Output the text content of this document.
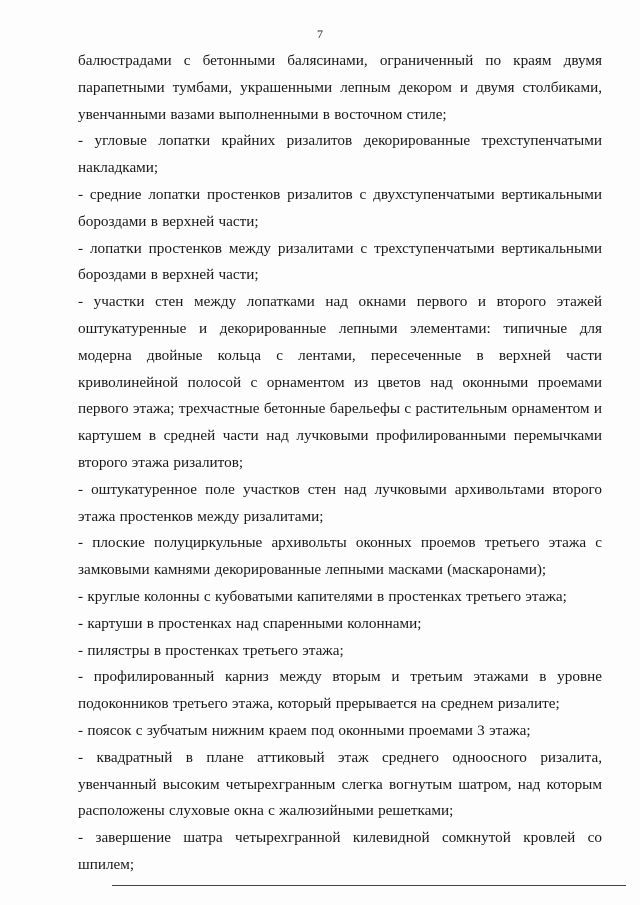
7

балюстрадами с бетонными балясинами, ограниченный по краям двумя парапетными тумбами, украшенными лепным декором и двумя столбиками, увенчанными вазами выполненными в восточном стиле;

- угловые лопатки крайних ризалитов декорированные трехступенчатыми накладками;

- средние лопатки простенков ризалитов с двухступенчатыми вертикальными бороздами в верхней части;

- лопатки простенков между ризалитами с трехступенчатыми вертикальными бороздами в верхней части;

- участки стен между лопатками над окнами первого и второго этажей оштукатуренные и декорированные лепными элементами: типичные для модерна двойные кольца с лентами, пересеченные в верхней части криволинейной полосой с орнаментом из цветов над оконными проемами первого этажа; трехчастные бетонные барельефы с растительным орнаментом и картушем в средней части над лучковыми профилированными перемычками второго этажа ризалитов;

- оштукатуренное поле участков стен над лучковыми архивольтами второго этажа простенков между ризалитами;

- плоские полуциркульные архивольты оконных проемов третьего этажа с замковыми камнями декорированные лепными масками (маскаронами);

- круглые колонны с кубоватыми капителями в простенках третьего этажа;

- картуши в простенках над спаренными колоннами;

- пилястры в простенках третьего этажа;

- профилированный карниз между вторым и третьим этажами в уровне подоконников третьего этажа, который прерывается на среднем ризалите;

- поясок с зубчатым нижним краем под оконными проемами 3 этажа;

- квадратный в плане аттиковый этаж среднего одноосного ризалита, увенчанный высоким четырехгранным слегка вогнутым шатром, над которым расположены слуховые окна с жалюзийными решетками;

- завершение шатра четырехгранной килевидной сомкнутой кровлей со шпилем;
